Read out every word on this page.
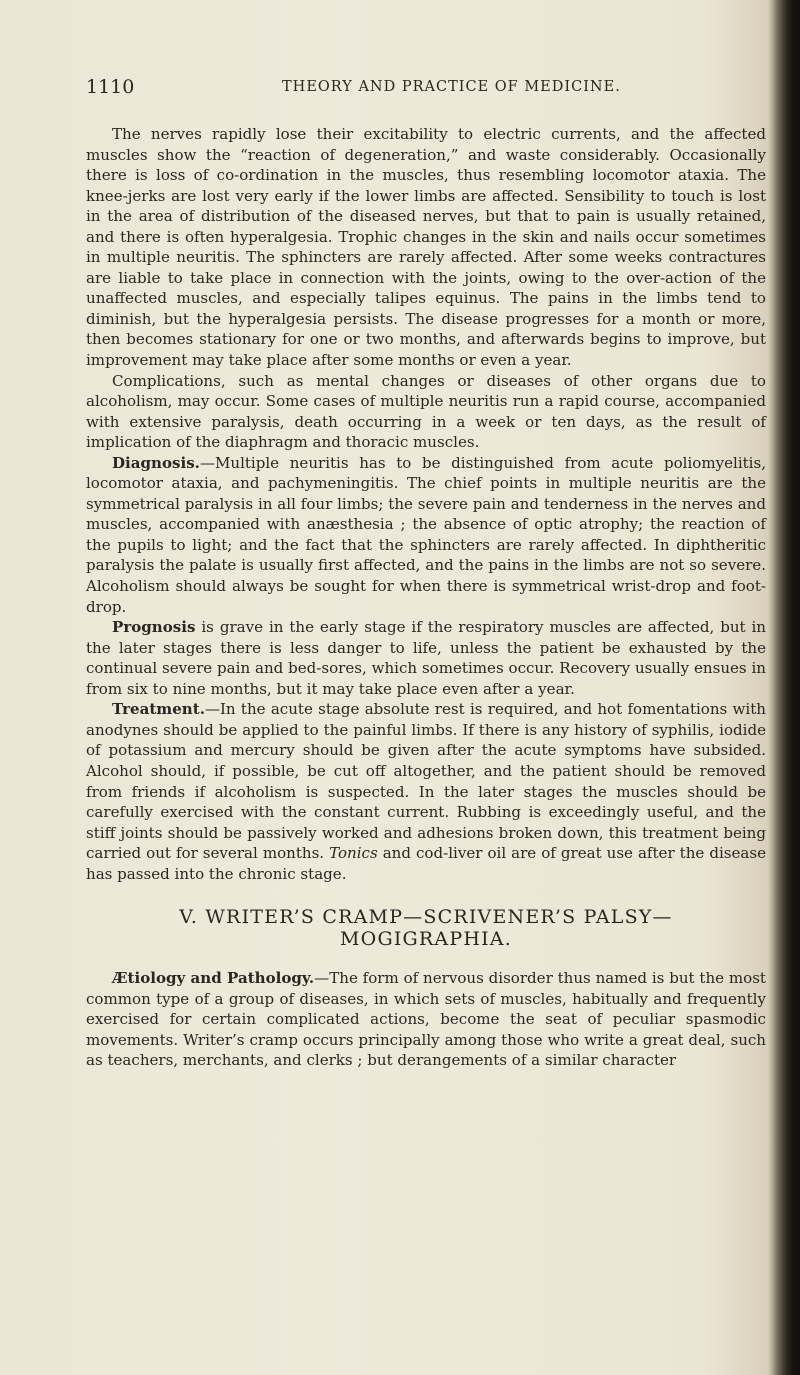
1110	THEORY AND PRACTICE OF MEDICINE.

The nerves rapidly lose their excitability to electric currents, and the affected muscles show the “reaction of degeneration,” and waste considerably. Occasionally there is loss of co-ordination in the muscles, thus resembling locomotor ataxia. The knee-jerks are lost very early if the lower limbs are affected. Sensibility to touch is lost in the area of distribution of the diseased nerves, but that to pain is usually retained, and there is often hyperalgesia. Trophic changes in the skin and nails occur sometimes in multiple neuritis. The sphincters are rarely affected. After some weeks contractures are liable to take place in connection with the joints, owing to the over-action of the unaffected muscles, and especially talipes equinus. The pains in the limbs tend to diminish, but the hyperalgesia persists. The disease progresses for a month or more, then becomes stationary for one or two months, and afterwards begins to improve, but improvement may take place after some months or even a year.

Complications, such as mental changes or diseases of other organs due to alcoholism, may occur. Some cases of multiple neuritis run a rapid course, accompanied with extensive paralysis, death occurring in a week or ten days, as the result of implication of the diaphragm and thoracic muscles.

Diagnosis.—Multiple neuritis has to be distinguished from acute poliomyelitis, locomotor ataxia, and pachymeningitis. The chief points in multiple neuritis are the symmetrical paralysis in all four limbs; the severe pain and tenderness in the nerves and muscles, accompanied with anæsthesia ; the absence of optic atrophy; the reaction of the pupils to light; and the fact that the sphincters are rarely affected. In diphtheritic paralysis the palate is usually first affected, and the pains in the limbs are not so severe. Alcoholism should always be sought for when there is symmetrical wrist-drop and foot-drop.

Prognosis is grave in the early stage if the respiratory muscles are affected, but in the later stages there is less danger to life, unless the patient be exhausted by the continual severe pain and bed-sores, which sometimes occur. Recovery usually ensues in from six to nine months, but it may take place even after a year.

Treatment.—In the acute stage absolute rest is required, and hot fomentations with anodynes should be applied to the painful limbs. If there is any history of syphilis, iodide of potassium and mercury should be given after the acute symptoms have subsided. Alcohol should, if possible, be cut off altogether, and the patient should be removed from friends if alcoholism is suspected. In the later stages the muscles should be carefully exercised with the constant current. Rubbing is exceedingly useful, and the stiff joints should be passively worked and adhesions broken down, this treatment being carried out for several months. Tonics and cod-liver oil are of great use after the disease has passed into the chronic stage.

V. WRITER’S CRAMP—SCRIVENER’S PALSY—
MOGIGRAPHIA.

Ætiology and Pathology.—The form of nervous disorder thus named is but the most common type of a group of diseases, in which sets of muscles, habitually and frequently exercised for certain complicated actions, become the seat of peculiar spasmodic movements. Writer’s cramp occurs principally among those who write a great deal, such as teachers, merchants, and clerks ; but derangements of a similar character
